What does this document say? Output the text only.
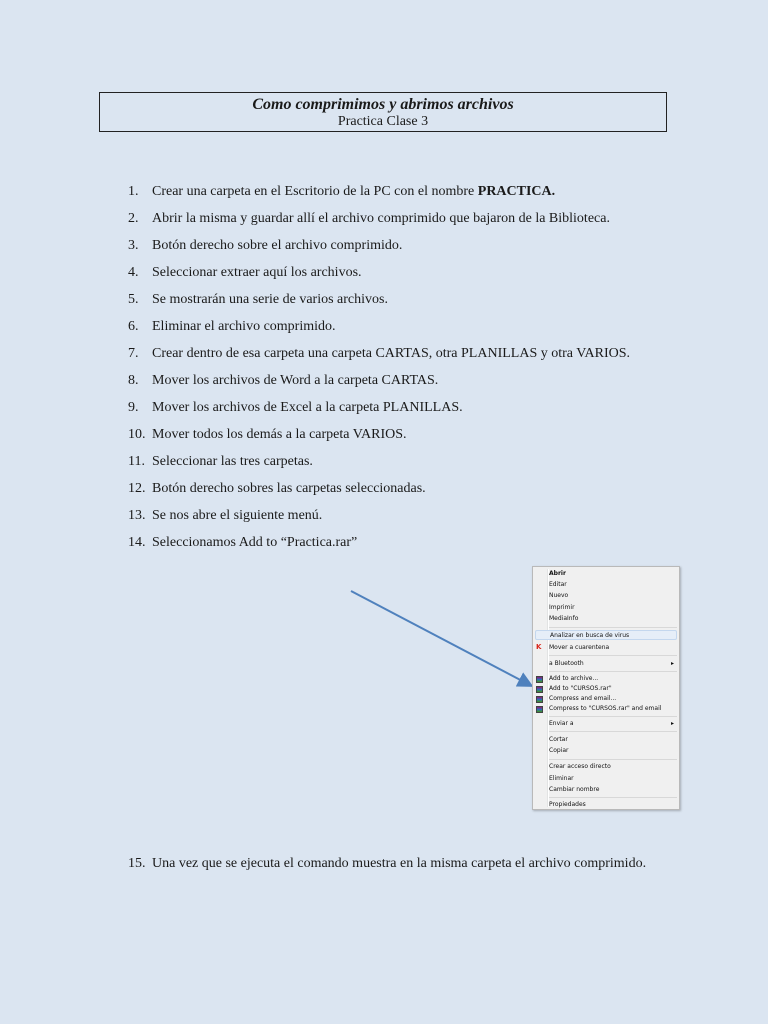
Como comprimimos y abrimos archivos
Practica Clase 3
1. Crear una carpeta en el Escritorio de la PC con el nombre PRACTICA.
2. Abrir la misma y guardar allí el archivo comprimido que bajaron de la Biblioteca.
3. Botón derecho sobre el archivo comprimido.
4. Seleccionar extraer aquí los archivos.
5. Se mostrarán una serie de varios archivos.
6. Eliminar el archivo comprimido.
7. Crear dentro de esa carpeta una carpeta CARTAS, otra PLANILLAS y otra VARIOS.
8. Mover los archivos de Word a la carpeta CARTAS.
9. Mover los archivos de Excel a la carpeta PLANILLAS.
10. Mover todos los demás a la carpeta VARIOS.
11. Seleccionar las tres carpetas.
12. Botón derecho sobres las carpetas seleccionadas.
13. Se nos abre el siguiente menú.
14. Seleccionamos Add to “Practica.rar”
15. Una vez que se ejecuta el comando muestra en la misma carpeta el archivo comprimido.
Abrir
Editar
Nuevo
Imprimir
MediaInfo
Analizar en busca de virus
K Mover a cuarentena
a Bluetooth	▸
Add to archive...
Add to "CURSOS.rar"
Compress and email...
Compress to "CURSOS.rar" and email
Enviar a	▸
Cortar
Copiar
Crear acceso directo
Eliminar
Cambiar nombre
Propiedades
